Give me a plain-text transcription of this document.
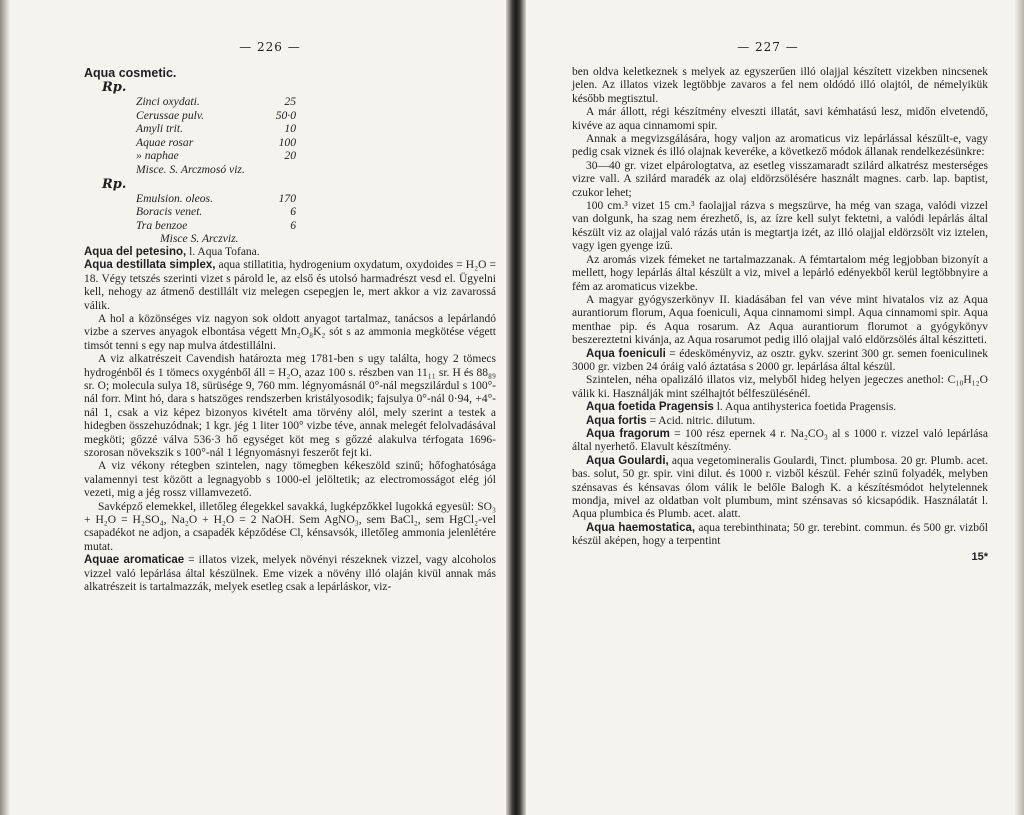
— 226 —
Aqua cosmetic.
Rp.
Zinci oxydati.	25
Cerussae pulv.	50·0
Amyli trit.	10
Aquae rosar	100
» naphae	20
Misce. S. Arczmosó viz.
Rp.
Emulsion. oleos.	170
Boracis venet.	6
Tra benzoe	6
Misce S. Arczviz.

Aqua del petesino, l. Aqua Tofana.

Aqua destillata simplex, aqua stillatitia, hydrogenium oxydatum, oxydoides = H₂O = 18. Végy tetszés szerinti vizet s párold le, az első és utolsó harmadrészt vesd el. Ügyelni kell, nehogy az átmenő destillált viz melegen csepegjen le, mert akkor a viz zavarossá válik.

A hol a közönséges viz nagyon sok oldott anyagot tartalmaz, tanácsos a lepárlandó vizbe a szerves anyagok elbontása végett Mn₂O₈K₂ sót s az ammonia megkötése végett timsót tenni s egy nap mulva átdestillálni.

A viz alkatrészeit Cavendish határozta meg 1781-ben s ugy találta, hogy 2 tömecs hydrogénből és 1 tömecs oxygénből áll = H₂O, azaz 100 s. részben van 11₁₁ sr. H és 88₈₉ sr. O; molecula sulya 18, sürüsége 9, 760 mm. légnyomásnál 0°-nál megszilárdul s 100°-nál forr. Mint hó, dara s hatszöges rendszerben kristályosodik; fajsulya 0°-nál 0·94, +4°-nál 1, csak a viz képez bizonyos kivételt ama törvény alól, mely szerint a testek a hidegben összehuzódnak; 1 kgr. jég 1 liter 100° vizbe téve, annak melegét felolvadásával megköti; gőzzé válva 536·3 hő egységet köt meg s gőzzé alakulva térfogata 1696-szorosan növekszik s 100°-nál 1 légnyomásnyi feszerőt fejt ki.

A viz vékony rétegben szintelen, nagy tömegben kékeszöld szinű; hőfoghatósága valamennyi test között a legnagyobb s 1000-el jelöltetik; az electromosságot elég jól vezeti, mig a jég rossz villamvezető.

Savképző elemekkel, illetőleg élegekkel savakká, lugképzőkkel lugokká egyesül: SO₃ + H₂O = H₂SO₄, Na₂O + H₂O = 2 NaOH. Sem AgNO₃, sem BaCl₂, sem HgCl₂-vel csapadékot ne adjon, a csapadék képződése Cl, kénsavsók, illetőleg ammonia jelenlétére mutat.

Aquae aromaticae = illatos vizek, melyek növényi részeknek vizzel, vagy alcoholos vizzel való lepárlása által készülnek. Eme vizek a növény illó olaján kivül annak más alkatrészeit is tartalmazzák, melyek esetleg csak a lepárláskor, viz-

— 227 —

ben oldva keletkeznek s melyek az egyszerűen illó olajjal készített vizekben nincsenek jelen. Az illatos vizek legtöbbje zavaros a fel nem oldódó illó olajtól, de némelyikük később megtisztul.

A már állott, régi készítmény elveszti illatát, savi kémhatású lesz, midőn elvetendő, kivéve az aqua cinnamomi spir.

Annak a megvizsgálására, hogy valjon az aromaticus viz lepárlással készült-e, vagy pedig csak viznek és illó olajnak keveréke, a következő módok állanak rendelkezésünkre:

30—40 gr. vizet elpárologtatva, az esetleg visszamaradt szilárd alkatrész mesterséges vizre vall. A szilárd maradék az olaj eldörzsölésére használt magnes. carb. lap. baptist, czukor lehet;

100 cm.³ vizet 15 cm.³ faolajjal rázva s megszürve, ha még van szaga, valódi vizzel van dolgunk, ha szag nem érezhető, is, az ízre kell sulyt fektetni, a valódi lepárlás által készült viz az olajjal való rázás után is megtartja izét, az illó olajjal eldörzsölt viz iztelen, vagy igen gyenge izű.

Az aromás vizek fémeket ne tartalmazzanak. A fémtartalom még legjobban bizonyít a mellett, hogy lepárlás által készült a viz, mivel a lepárló edényekből kerül legtöbbnyire a fém az aromaticus vizekbe.

A magyar gyógyszerkönyv II. kiadásában fel van véve mint hivatalos viz az Aqua aurantiorum florum, Aqua foeniculi, Aqua cinnamomi simpl. Aqua cinnamomi spir. Aqua menthae pip. és Aqua rosarum. Az Aqua aurantiorum florumot a gyógykönyv beszereztetni kivánja, az Aqua rosarumot pedig illó olajjal való eldörzsölés által készitteti.

Aqua foeniculi = édesköményviz, az osztr. gykv. szerint 300 gr. semen foeniculinek 3000 gr. vizben 24 óráig való áztatása s 2000 gr. lepárlása által készül.

Szintelen, néha opalizáló illatos viz, melyből hideg helyen jegeczes anethol: C₁₀H₁₂O válik ki. Használják mint szélhajtót bélfeszülésénél.

Aqua foetida Pragensis l. Aqua antihysterica foetida Pragensis.

Aqua fortis = Acid. nitric. dilutum.

Aqua fragorum = 100 rész epernek 4 r. Na₂CO₃ al s 1000 r. vizzel való lepárlása által nyerhető. Elavult készítmény.

Aqua Goulardi, aqua vegetomineralis Goulardi, Tinct. plumbosa. 20 gr. Plumb. acet. bas. solut, 50 gr. spir. vini dilut. és 1000 r. vizből készül. Fehér szinű folyadék, melyben szénsavas és kénsavas ólom válik le belőle Balogh K. a készítésmódot helytelennek mondja, mivel az oldatban volt plumbum, mint szénsavas só kicsapódik. Használatát l. Aqua plumbica és Plumb. acet. alatt.

Aqua haemostatica, aqua terebinthinata; 50 gr. terebint. commun. és 500 gr. vizből készül aképen, hogy a terpentint

15*
